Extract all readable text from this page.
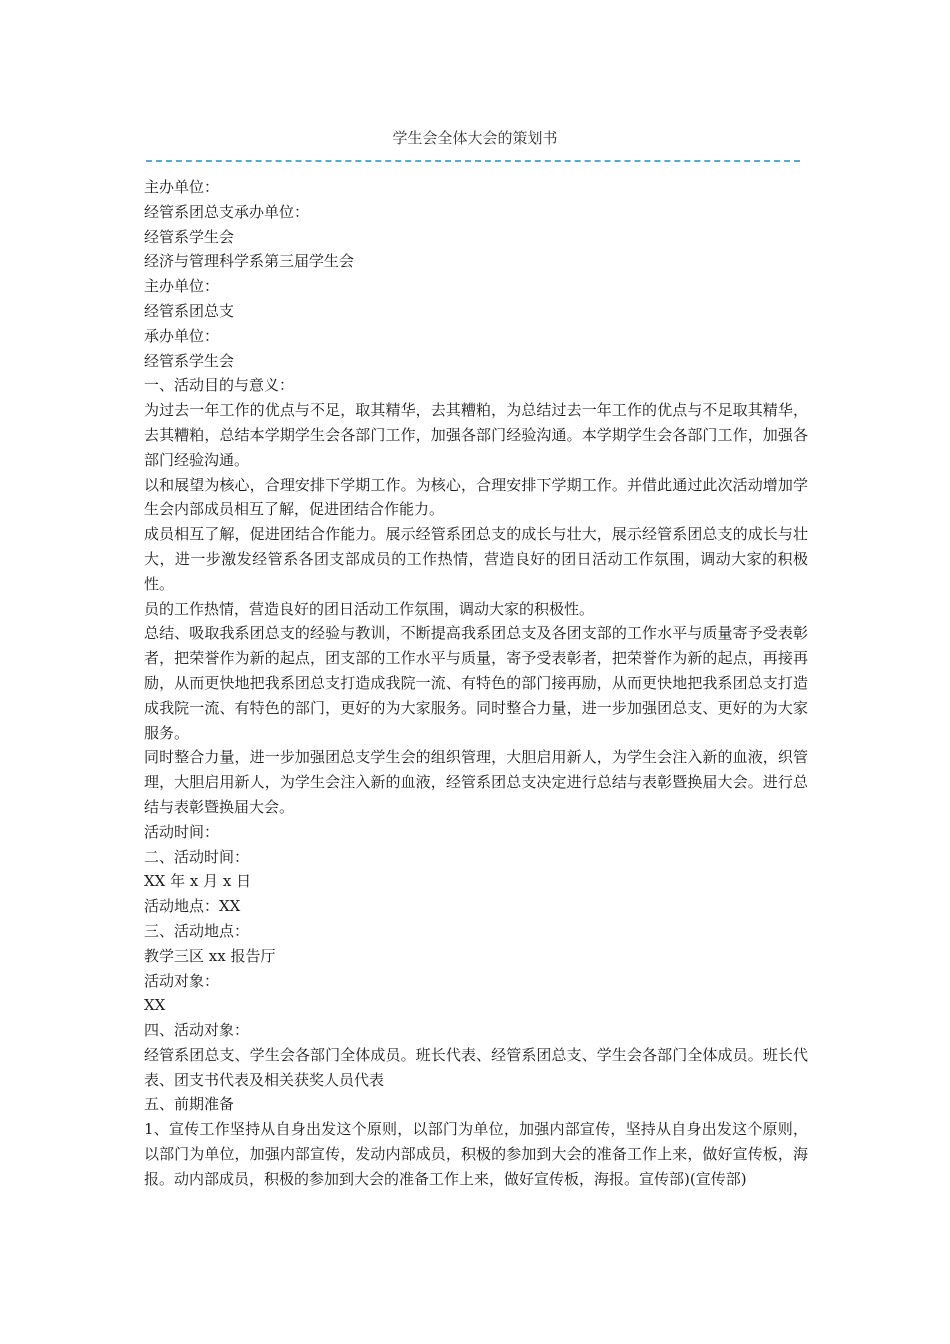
学生会全体大会的策划书

主办单位：

经管系团总支承办单位：

经管系学生会

经济与管理科学系第三届学生会

主办单位：

经管系团总支

承办单位：

经管系学生会

一、活动目的与意义：

为过去一年工作的优点与不足，取其精华，去其糟粕，为总结过去一年工作的优点与不足取其精华，去其糟粕，总结本学期学生会各部门工作，加强各部门经验沟通。本学期学生会各部门工作，加强各部门经验沟通。

以和展望为核心，合理安排下学期工作。为核心，合理安排下学期工作。并借此通过此次活动增加学生会内部成员相互了解，促进团结合作能力。

成员相互了解，促进团结合作能力。展示经管系团总支的成长与壮大，展示经管系团总支的成长与壮大，进一步激发经管系各团支部成员的工作热情，营造良好的团日活动工作氛围，调动大家的积极性。

员的工作热情，营造良好的团日活动工作氛围，调动大家的积极性。

总结、吸取我系团总支的经验与教训，不断提高我系团总支及各团支部的工作水平与质量寄予受表彰者，把荣誉作为新的起点，团支部的工作水平与质量，寄予受表彰者，把荣誉作为新的起点，再接再励，从而更快地把我系团总支打造成我院一流、有特色的部门接再励，从而更快地把我系团总支打造成我院一流、有特色的部门，更好的为大家服务。同时整合力量，进一步加强团总支、更好的为大家服务。

同时整合力量，进一步加强团总支学生会的组织管理，大胆启用新人，为学生会注入新的血液，织管理，大胆启用新人，为学生会注入新的血液，经管系团总支决定进行总结与表彰暨换届大会。进行总结与表彰暨换届大会。

活动时间：

二、活动时间：

XX 年 x 月 x 日

活动地点：XX

三、活动地点：

教学三区 xx 报告厅

活动对象：

XX

四、活动对象：

经管系团总支、学生会各部门全体成员。班长代表、经管系团总支、学生会各部门全体成员。班长代表、团支书代表及相关获奖人员代表

五、前期准备

1、宣传工作坚持从自身出发这个原则，以部门为单位，加强内部宣传，坚持从自身出发这个原则，以部门为单位，加强内部宣传，发动内部成员，积极的参加到大会的准备工作上来，做好宣传板，海报。动内部成员，积极的参加到大会的准备工作上来，做好宣传板，海报。宣传部)(宣传部)
